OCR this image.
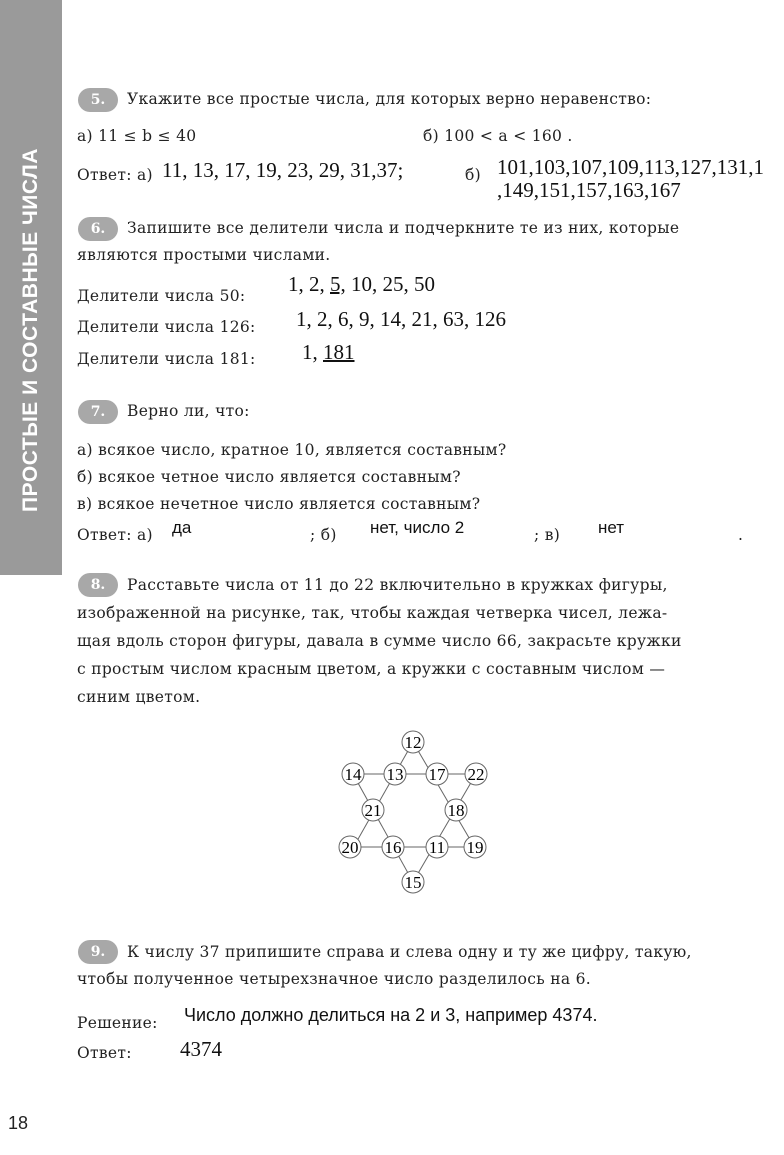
ПРОСТЫЕ И СОСТАВНЫЕ ЧИСЛА
5.	Укажите все простые числа, для которых верно неравенство:
а) 11 ≤ b ≤ 40	б) 100 < a < 160 .
Ответ: а) 11, 13, 17, 19, 23, 29, 31,37;	б) 101,103,107,109,113,127,131,1
,149,151,157,163,167
6.	Запишите все делители числа и подчеркните те из них, которые
являются простыми числами.
Делители числа 50: 1, 2, 5, 10, 25, 50
Делители числа 126: 1, 2, 6, 9, 14, 21, 63, 126
Делители числа 181: 1, 181
7.	Верно ли, что:
а) всякое число, кратное 10, является составным?
б) всякое четное число является составным?
в) всякое нечетное число является составным?
Ответ: а) да	; б) нет, число 2	; в) нет	.
8.	Расставьте числа от 11 до 22 включительно в кружках фигуры,
изображенной на рисунке, так, чтобы каждая четверка чисел, лежа-
щая вдоль сторон фигуры, давала в сумме число 66, закрасьте кружки
с простым числом красным цветом, а кружки с составным числом —
синим цветом.
12
14 13 17 22
21	18
20 16 11 19
15
9.	К числу 37 припишите справа и слева одну и ту же цифру, такую,
чтобы полученное четырехзначное число разделилось на 6.
Решение: Число должно делиться на 2 и 3, например 4374.
Ответ: 4374
18
